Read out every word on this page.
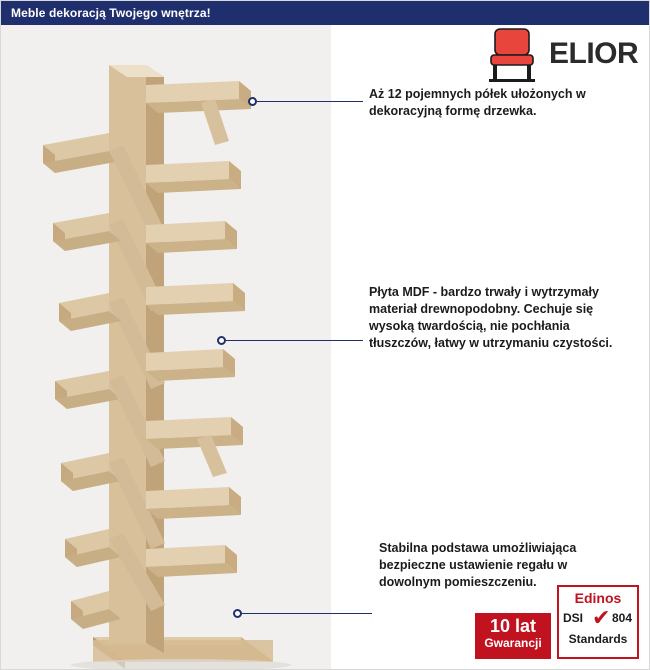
Meble dekoracją Twojego wnętrza!
ELIOR
Aż 12 pojemnych półek ułożonych w dekoracyjną formę drzewka.
Płyta MDF - bardzo trwały i wytrzymały materiał drewnopodobny. Cechuje się wysoką twardością, nie pochłania tłuszczów, łatwy w utrzymaniu czystości.
Stabilna podstawa umożliwiająca bezpieczne ustawienie regału w dowolnym pomieszczeniu.
10 lat
Gwarancji
Edinos
DSI ✔ 804
Standards
